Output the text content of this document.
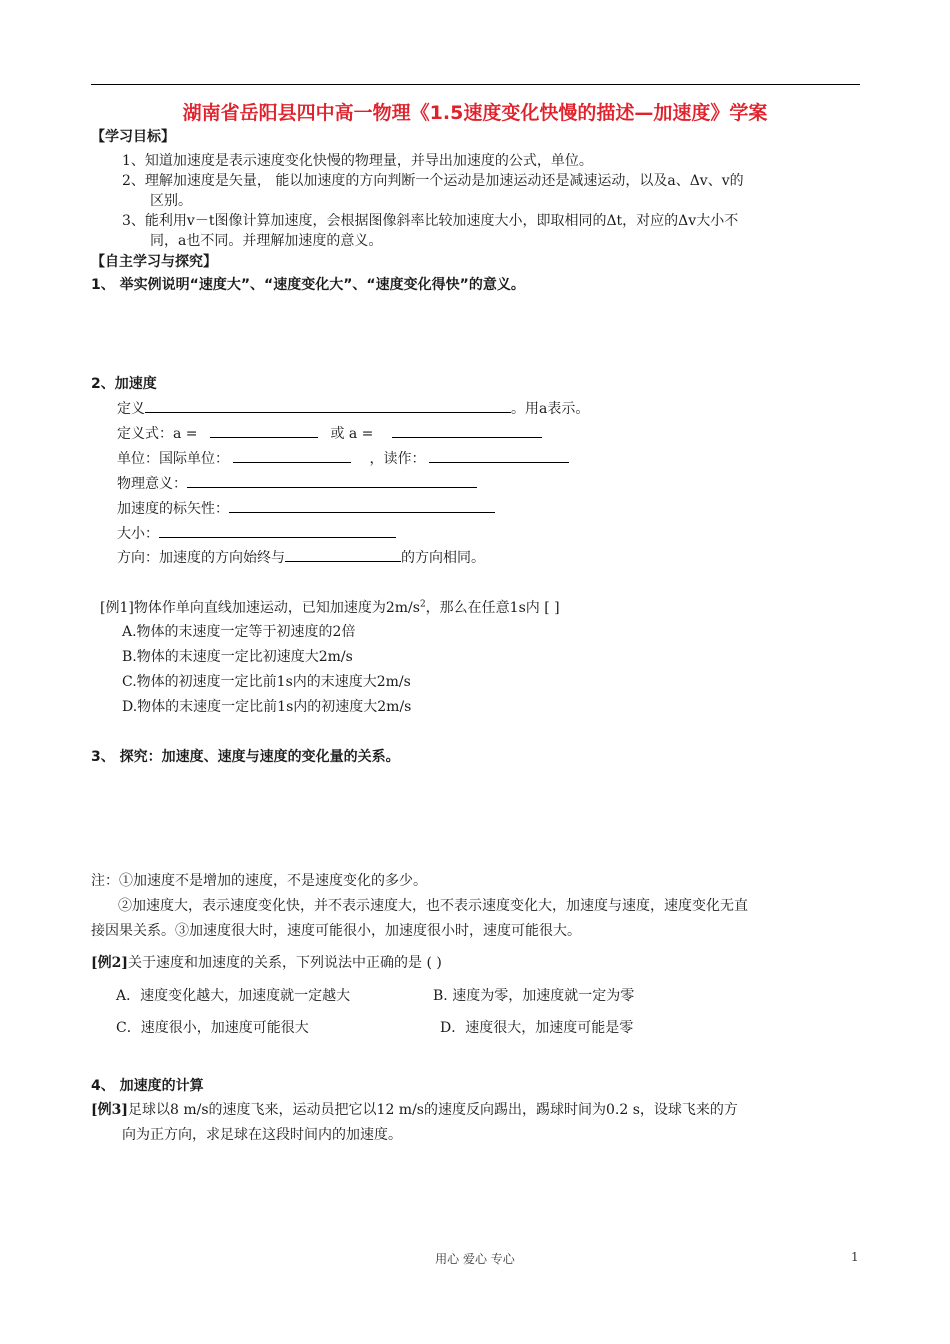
湖南省岳阳县四中高一物理《1.5速度变化快慢的描述—加速度》学案
【学习目标】
1、知道加速度是表示速度变化快慢的物理量，并导出加速度的公式，单位。
2、理解加速度是矢量， 能以加速度的方向判断一个运动是加速运动还是减速运动，以及a、Δv、v的
区别。
3、能利用v－t图像计算加速度，会根据图像斜率比较加速度大小，即取相同的Δt，对应的Δv大小不
同，a也不同。并理解加速度的意义。
【自主学习与探究】
1、 举实例说明“速度大”、“速度变化大”、“速度变化得快”的意义。
2、加速度
定义	。用a表示。
定义式：a =	或 a =
单位：国际单位：	，读作：
物理意义：
加速度的标矢性：
大小：
方向：加速度的方向始终与	的方向相同。
[例1]物体作单向直线加速运动，已知加速度为$2m/s^2$，那么在任意1s内 [ ]
A.物体的末速度一定等于初速度的2倍
B.物体的末速度一定比初速度大2m/s
C.物体的初速度一定比前1s内的末速度大2m/s
D.物体的末速度一定比前1s内的初速度大2m/s
3、 探究：加速度、速度与速度的变化量的关系。
注：①加速度不是增加的速度，不是速度变化的多少。
②加速度大，表示速度变化快，并不表示速度大，也不表示速度变化大，加速度与速度，速度变化无直
接因果关系。③加速度很大时，速度可能很小，加速度很小时，速度可能很大。
[例2]关于速度和加速度的关系，下列说法中正确的是 ( )
A．速度变化越大，加速度就一定越大	B. 速度为零，加速度就一定为零
C．速度很小，加速度可能很大	D．速度很大，加速度可能是零
4、 加速度的计算
[例3]足球以8 m/s的速度飞来，运动员把它以12 m/s的速度反向踢出，踢球时间为0.2 s，设球飞来的方
向为正方向，求足球在这段时间内的加速度。
用心 爱心 专心	1
